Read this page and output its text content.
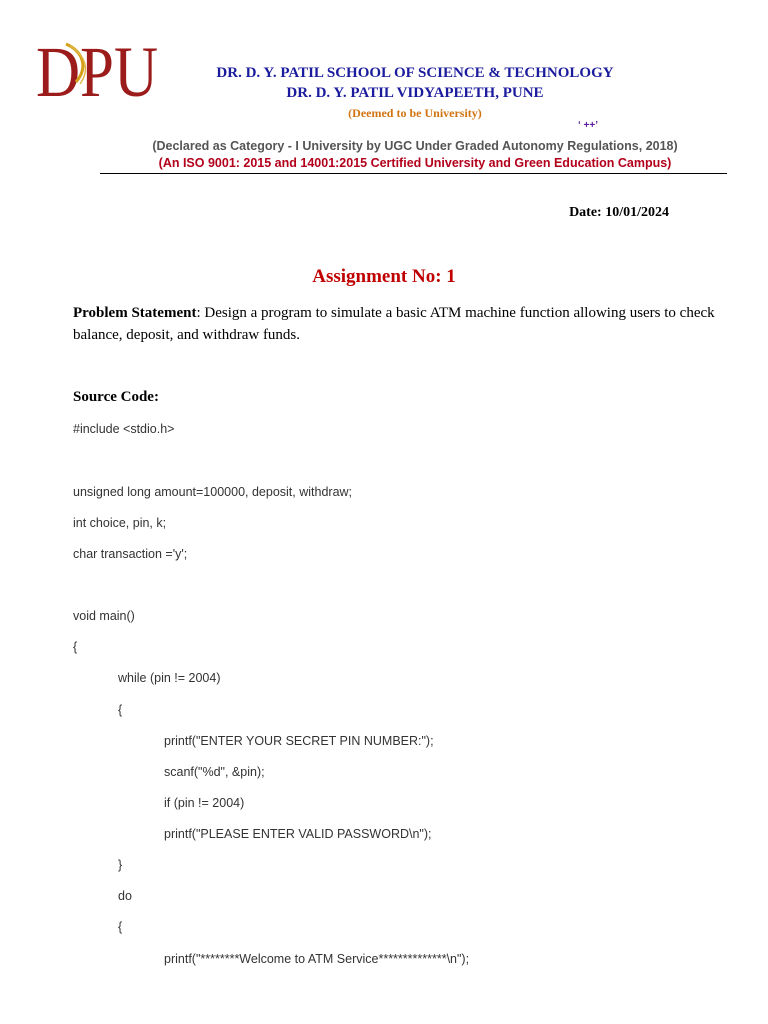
DPU	DR. D. Y. PATIL SCHOOL OF SCIENCE & TECHNOLOGY

DR. D. Y. PATIL VIDYAPEETH, PUNE

(Deemed to be University)

‘ ++’

(Declared as Category - I University by UGC Under Graded Autonomy Regulations, 2018)

(An ISO 9001: 2015 and 14001:2015 Certified University and Green Education Campus)

Date: 10/01/2024
Assignment No: 1
Problem Statement: Design a program to simulate a basic ATM machine function allowing users to check balance, deposit, and withdraw funds.
Source Code:
#include <stdio.h>
unsigned long amount=100000, deposit, withdraw;
int choice, pin, k;
char transaction ='y';
void main()
{
while (pin != 2004)
{
printf("ENTER YOUR SECRET PIN NUMBER:");
scanf("%d", &pin);
if (pin != 2004)
printf("PLEASE ENTER VALID PASSWORD\n");
}
do
{
printf("********Welcome to ATM Service**************\n");
